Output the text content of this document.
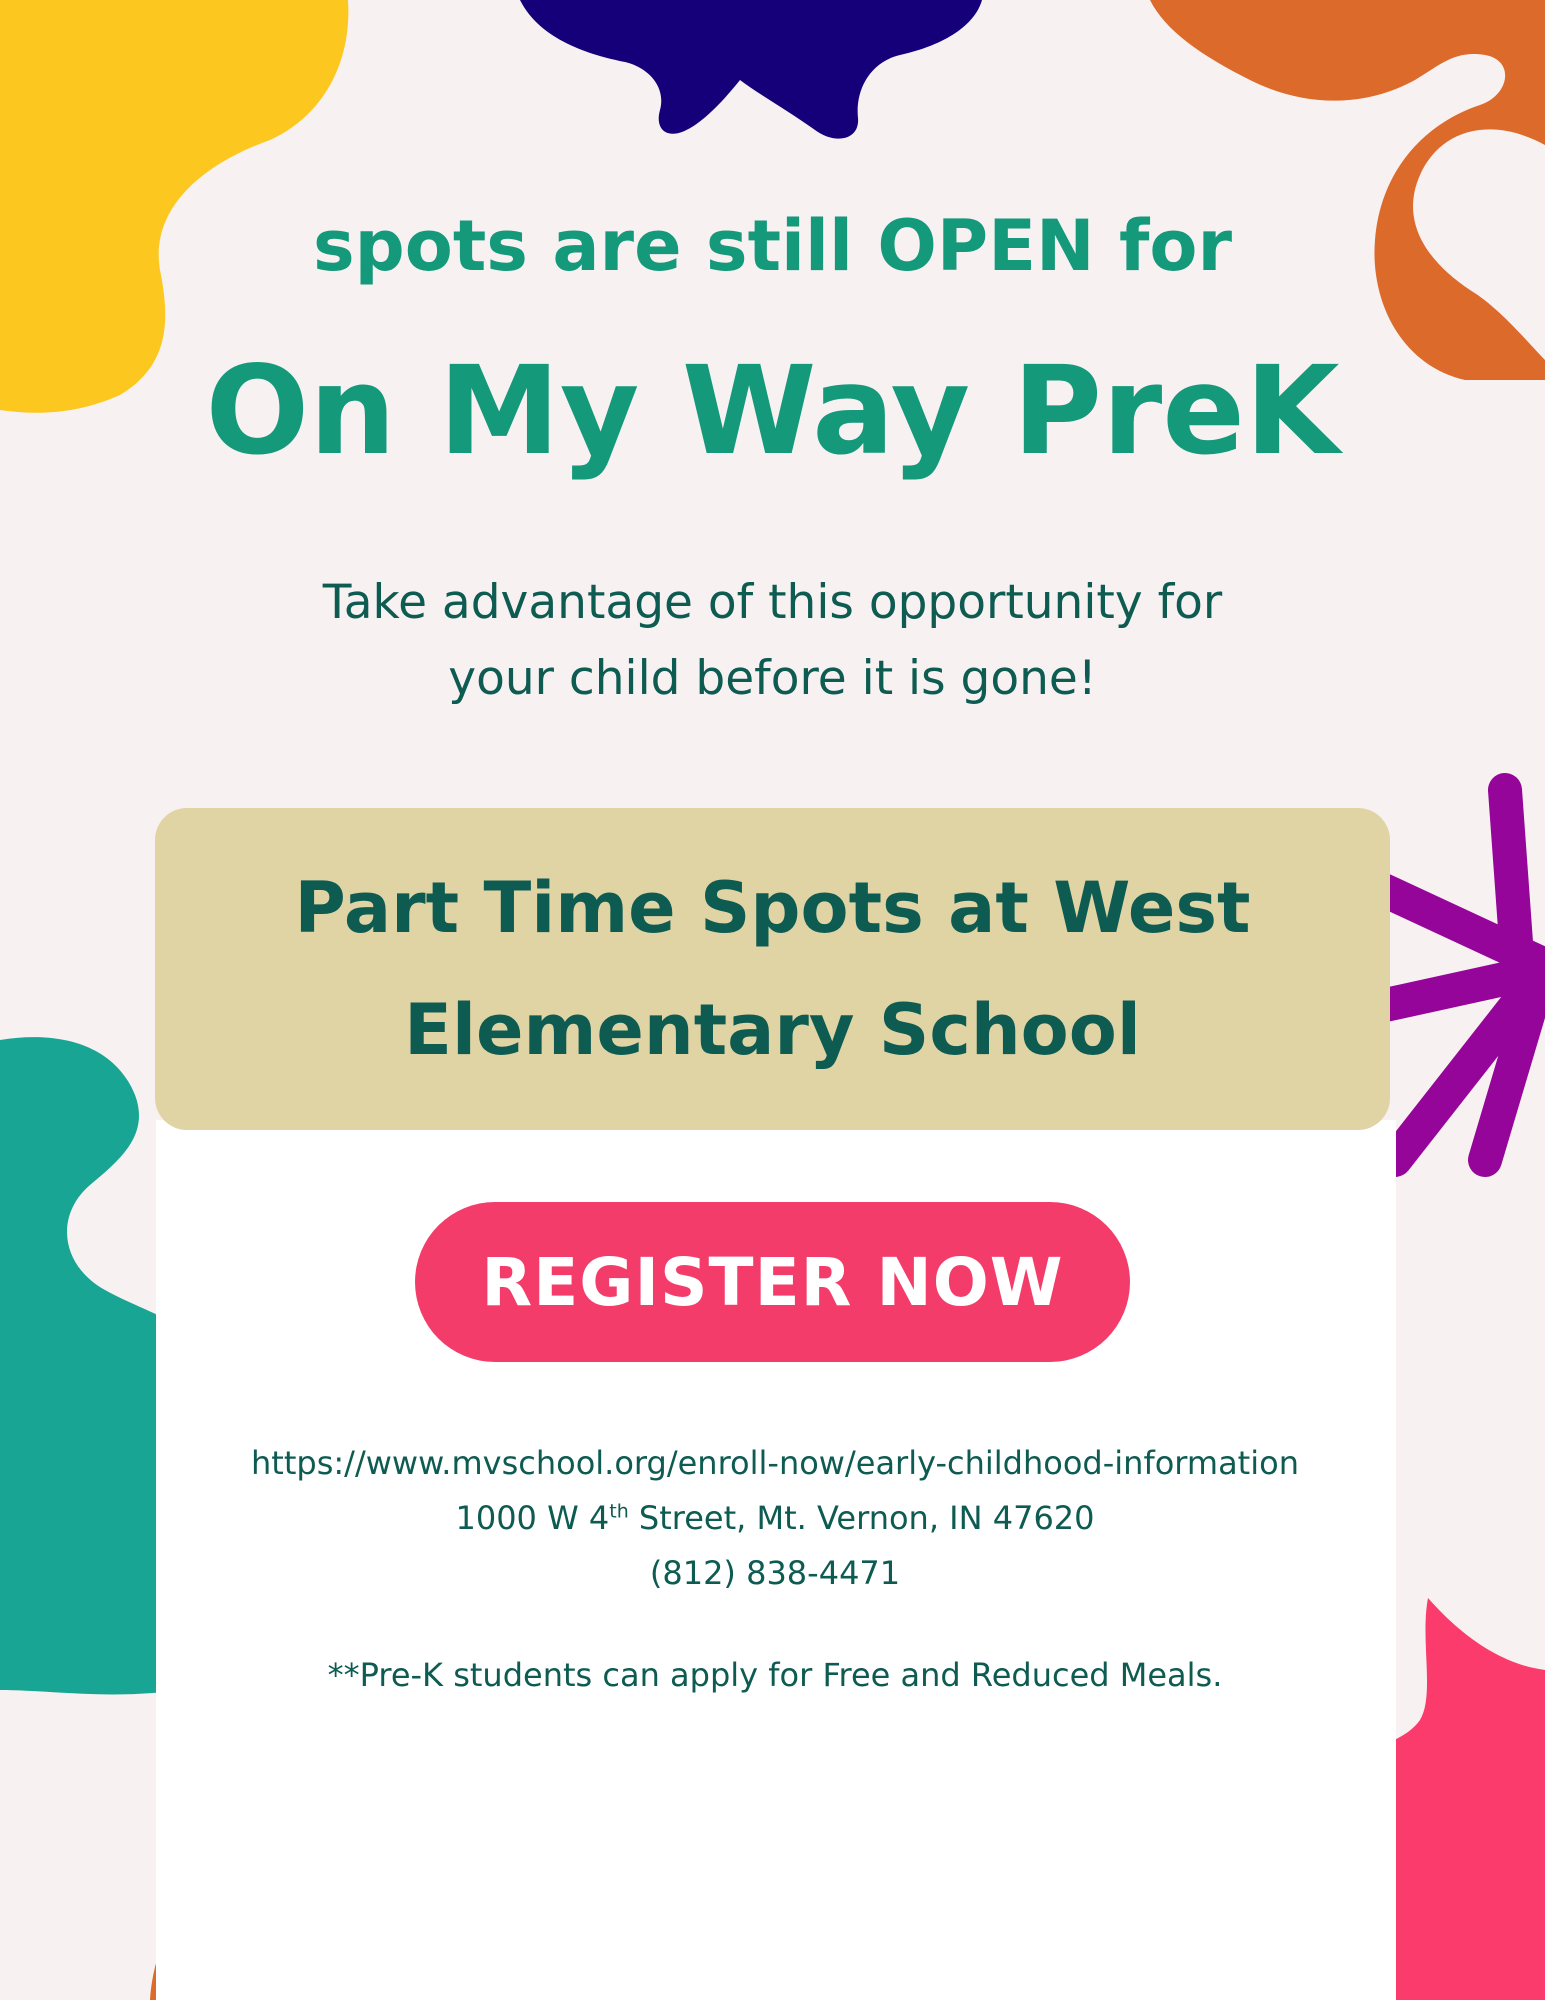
spots are still OPEN for
On My Way PreK
Take advantage of this opportunity for
your child before it is gone!
Part Time Spots at West
Elementary School
REGISTER NOW
https://www.mvschool.org/enroll-now/early-childhood-information
1000 W 4th Street, Mt. Vernon, IN 47620
(812) 838-4471
**Pre-K students can apply for Free and Reduced Meals.
